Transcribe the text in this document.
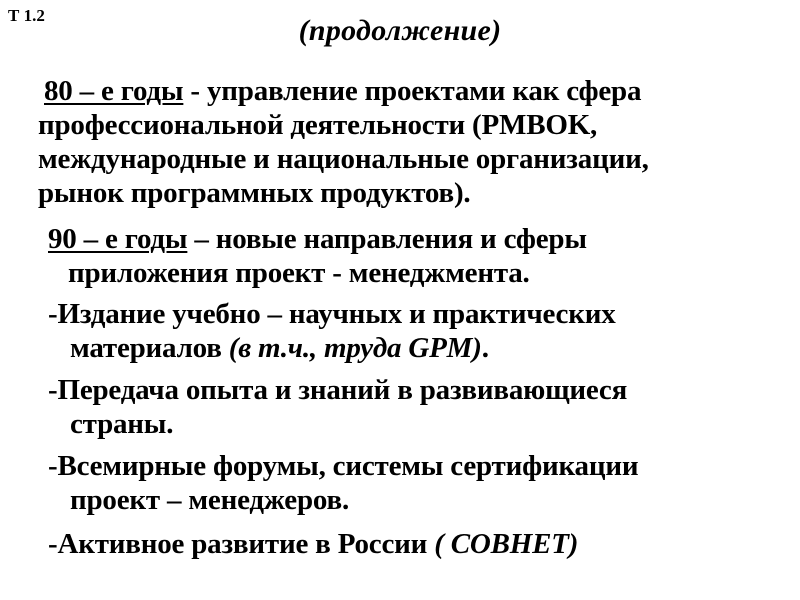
Т 1.2	(продолжение)
80 – е годы - управление проектами как сфера
профессиональной деятельности (PMBOK,
международные и национальные организации,
рынок программных продуктов).
90 – е годы – новые направления и сферы
приложения проект - менеджмента.
-Издание учебно – научных и практических
материалов (в т.ч., труда GPM).
-Передача опыта и знаний в развивающиеся
страны.
-Всемирные форумы, системы сертификации
проект – менеджеров.
-Активное развитие в России ( СОВНЕТ)
